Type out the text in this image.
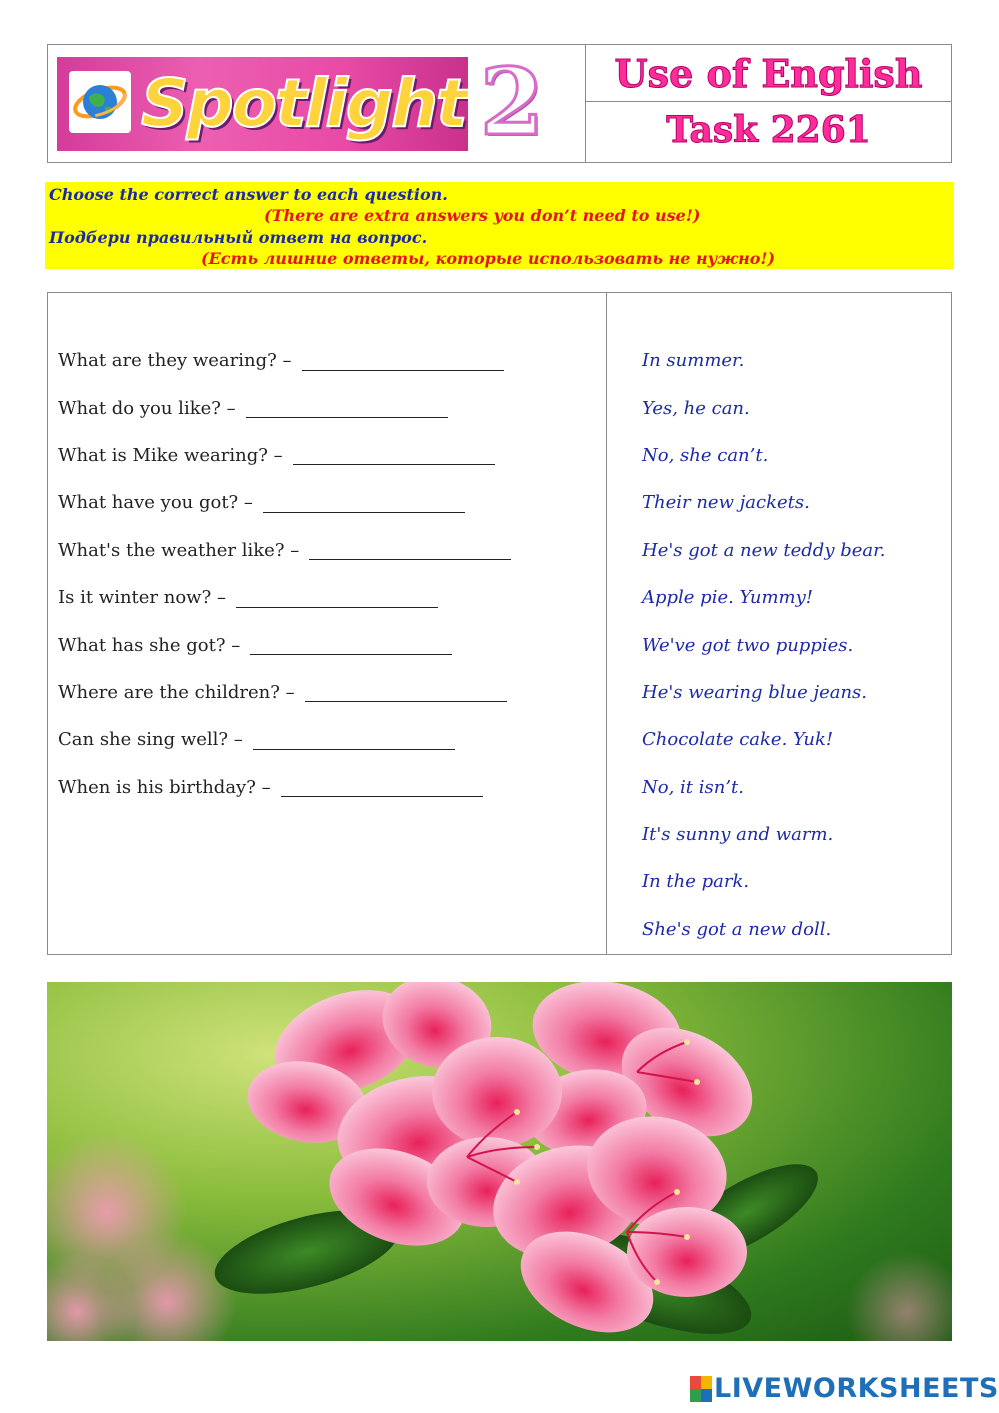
Spotlight 2	Use of English
Task 2261
Choose the correct answer to each question.
(There are extra answers you don’t need to use!)
Подбери правильный ответ на вопрос.
(Есть лишние ответы, которые использовать не нужно!)
What are they wearing? –
What do you like? –
What is Mike wearing? –
What have you got? –
What's the weather like? –
Is it winter now? –
What has she got? –
Where are the children? –
Can she sing well? –
When is his birthday? –
In summer.
Yes, he can.
No, she can’t.
Their new jackets.
He's got a new teddy bear.
Apple pie. Yummy!
We've got two puppies.
He's wearing blue jeans.
Chocolate cake. Yuk!
No, it isn’t.
It's sunny and warm.
In the park.
She's got a new doll.
LIVEWORKSHEETS
